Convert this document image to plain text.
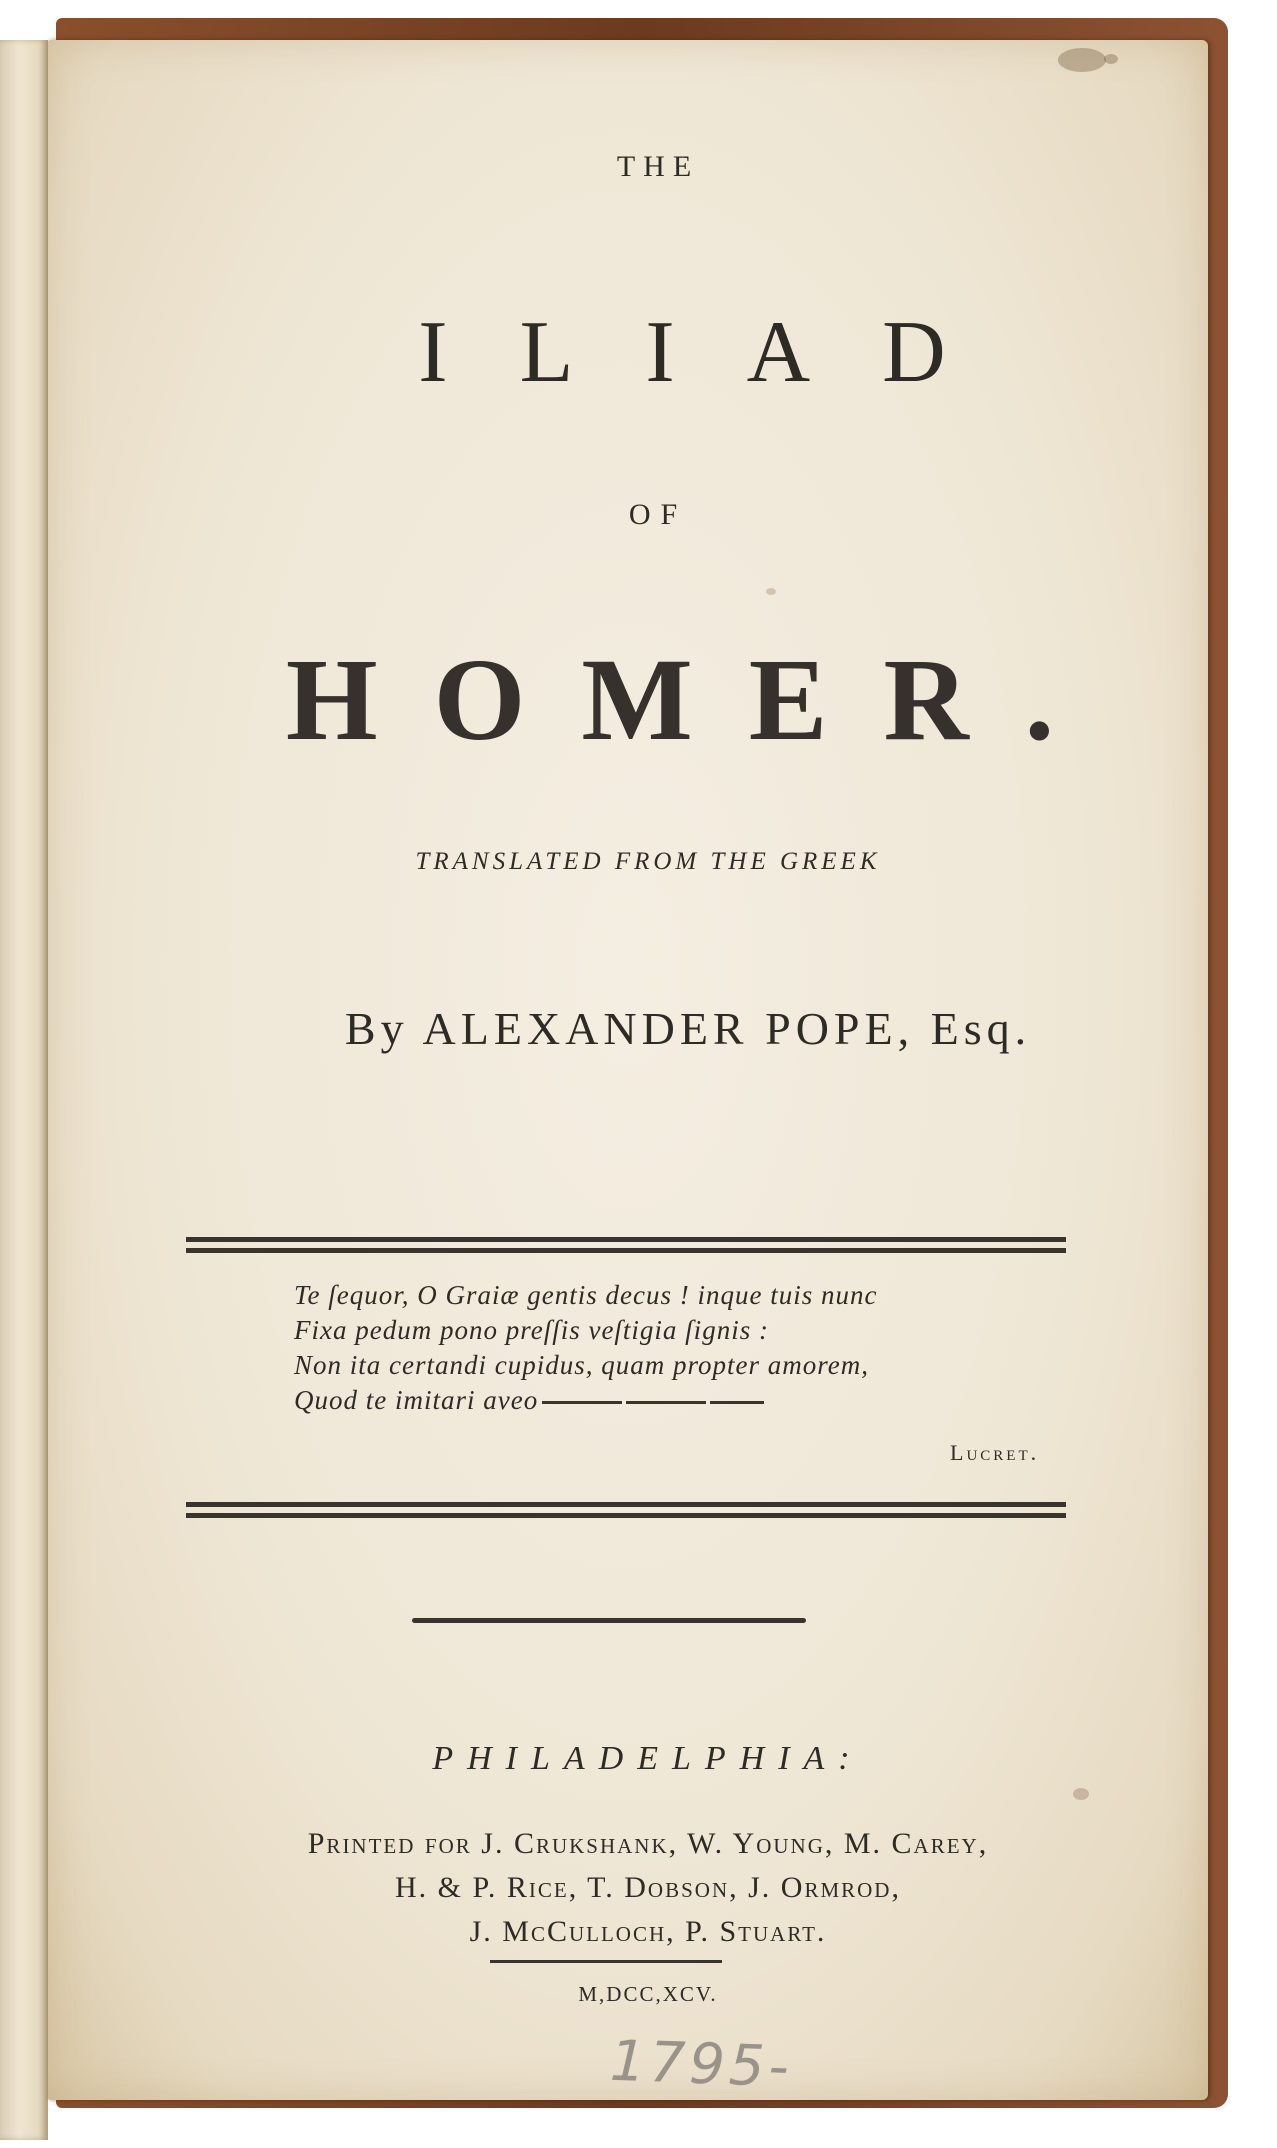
THE
ILIAD
OF
HOMER.
TRANSLATED FROM THE GREEK
By ALEXANDER POPE, Esq.
Te ſequor, O Graiæ gentis decus ! inque tuis nunc
Fixa pedum pono preſſis veſtigia ſignis :
Non ita certandi cupidus, quam propter amorem,
Quod te imitari aveo
Lucret.
PHILADELPHIA:
Printed for J. Crukshank, W. Young, M. Carey,
H. & P. Rice, T. Dobson, J. Ormrod,
J. McCulloch, P. Stuart.
M,DCC,XCV.
1795-
